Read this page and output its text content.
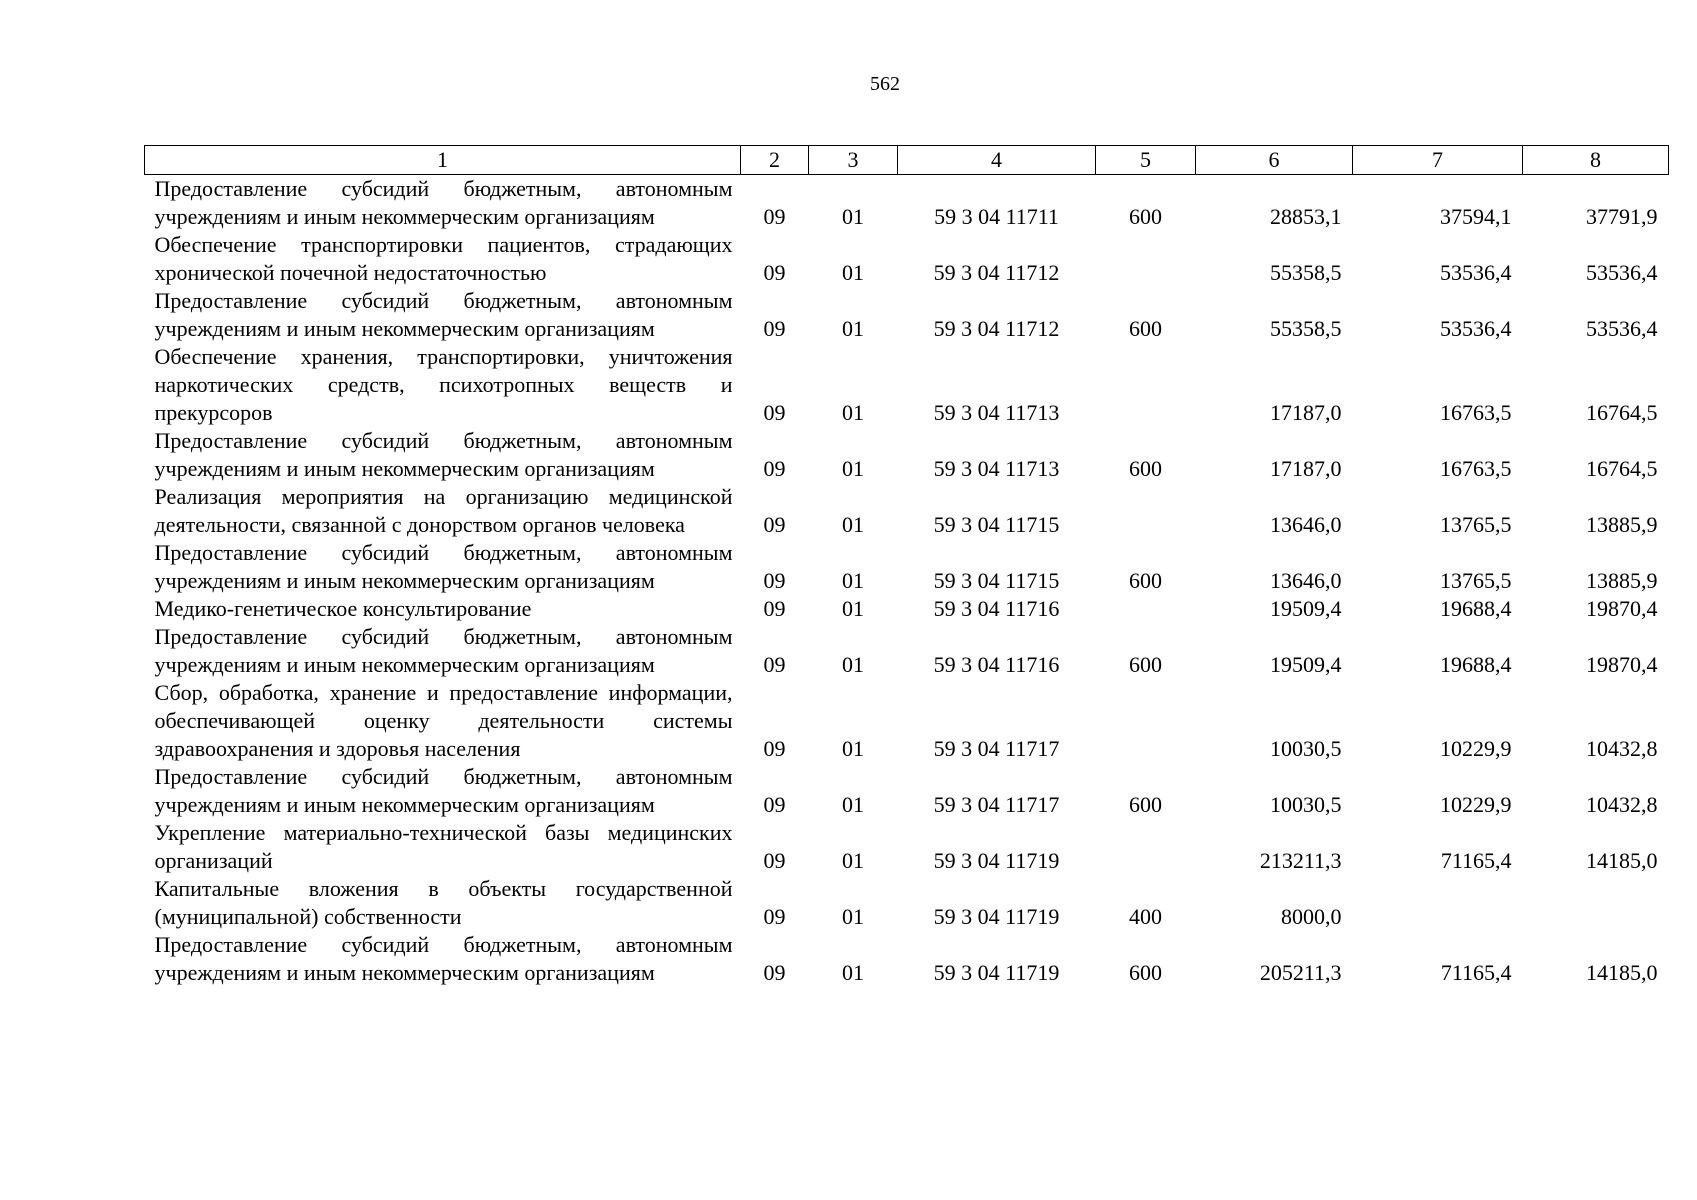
562
1	2	3	4	5	6	7	8
Предоставление субсидий бюджетным, автономным учреждениям и иным некоммерческим организациям	09	01	59 3 04 11711	600	28853,1	37594,1	37791,9
Обеспечение транспортировки пациентов, страдающих хронической почечной недостаточностью	09	01	59 3 04 11712		55358,5	53536,4	53536,4
Предоставление субсидий бюджетным, автономным учреждениям и иным некоммерческим организациям	09	01	59 3 04 11712	600	55358,5	53536,4	53536,4
Обеспечение хранения, транспортировки, уничтожения наркотических средств, психотропных веществ и прекурсоров	09	01	59 3 04 11713		17187,0	16763,5	16764,5
Предоставление субсидий бюджетным, автономным учреждениям и иным некоммерческим организациям	09	01	59 3 04 11713	600	17187,0	16763,5	16764,5
Реализация мероприятия на организацию медицинской деятельности, связанной с донорством органов человека	09	01	59 3 04 11715		13646,0	13765,5	13885,9
Предоставление субсидий бюджетным, автономным учреждениям и иным некоммерческим организациям	09	01	59 3 04 11715	600	13646,0	13765,5	13885,9
Медико-генетическое консультирование	09	01	59 3 04 11716		19509,4	19688,4	19870,4
Предоставление субсидий бюджетным, автономным учреждениям и иным некоммерческим организациям	09	01	59 3 04 11716	600	19509,4	19688,4	19870,4
Сбор, обработка, хранение и предоставление информации, обеспечивающей оценку деятельности системы здравоохранения и здоровья населения	09	01	59 3 04 11717		10030,5	10229,9	10432,8
Предоставление субсидий бюджетным, автономным учреждениям и иным некоммерческим организациям	09	01	59 3 04 11717	600	10030,5	10229,9	10432,8
Укрепление материально-технической базы медицинских организаций	09	01	59 3 04 11719		213211,3	71165,4	14185,0
Капитальные вложения в объекты государственной (муниципальной) собственности	09	01	59 3 04 11719	400	8000,0		
Предоставление субсидий бюджетным, автономным учреждениям и иным некоммерческим организациям	09	01	59 3 04 11719	600	205211,3	71165,4	14185,0
